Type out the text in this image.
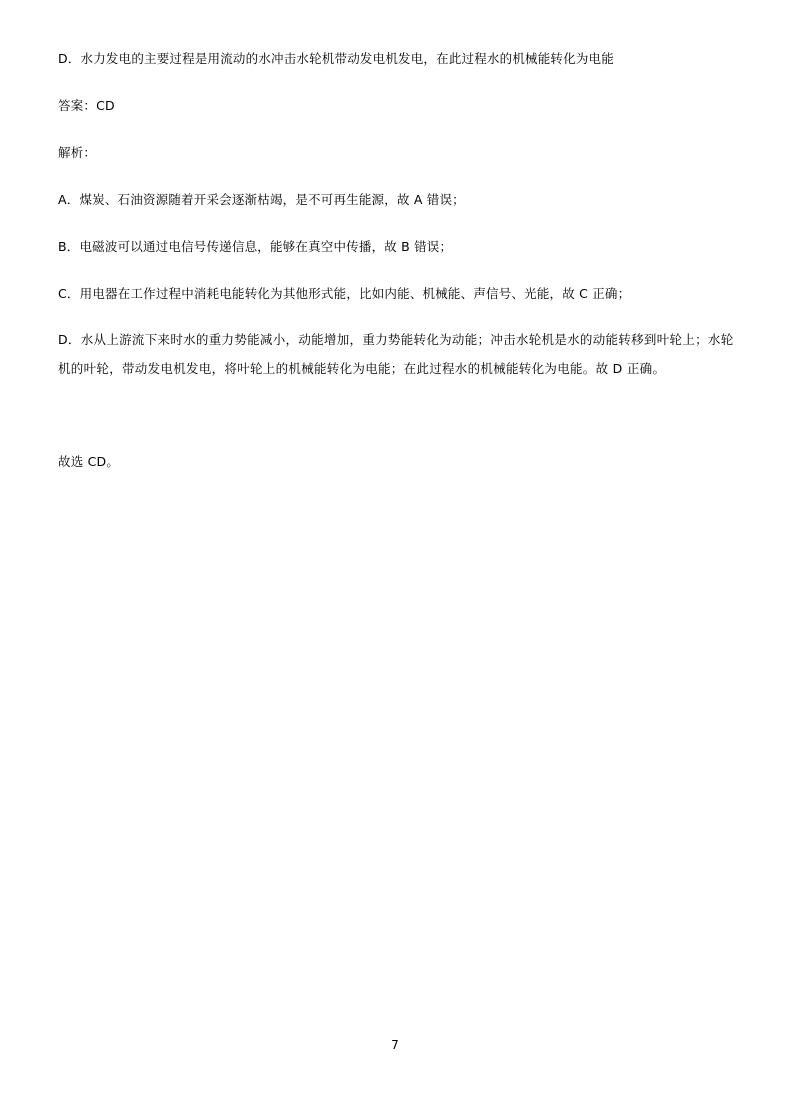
D．水力发电的主要过程是用流动的水冲击水轮机带动发电机发电，在此过程水的机械能转化为电能
答案：CD
解析：
A．煤炭、石油资源随着开采会逐渐枯竭，是不可再生能源，故 A 错误；
B．电磁波可以通过电信号传递信息，能够在真空中传播，故 B 错误；
C．用电器在工作过程中消耗电能转化为其他形式能，比如内能、机械能、声信号、光能，故 C 正确；
D．水从上游流下来时水的重力势能减小，动能增加，重力势能转化为动能；冲击水轮机是水的动能转移到叶轮上；水轮机的叶轮，带动发电机发电，将叶轮上的机械能转化为电能；在此过程水的机械能转化为电能。故 D 正确。
故选 CD。
7
